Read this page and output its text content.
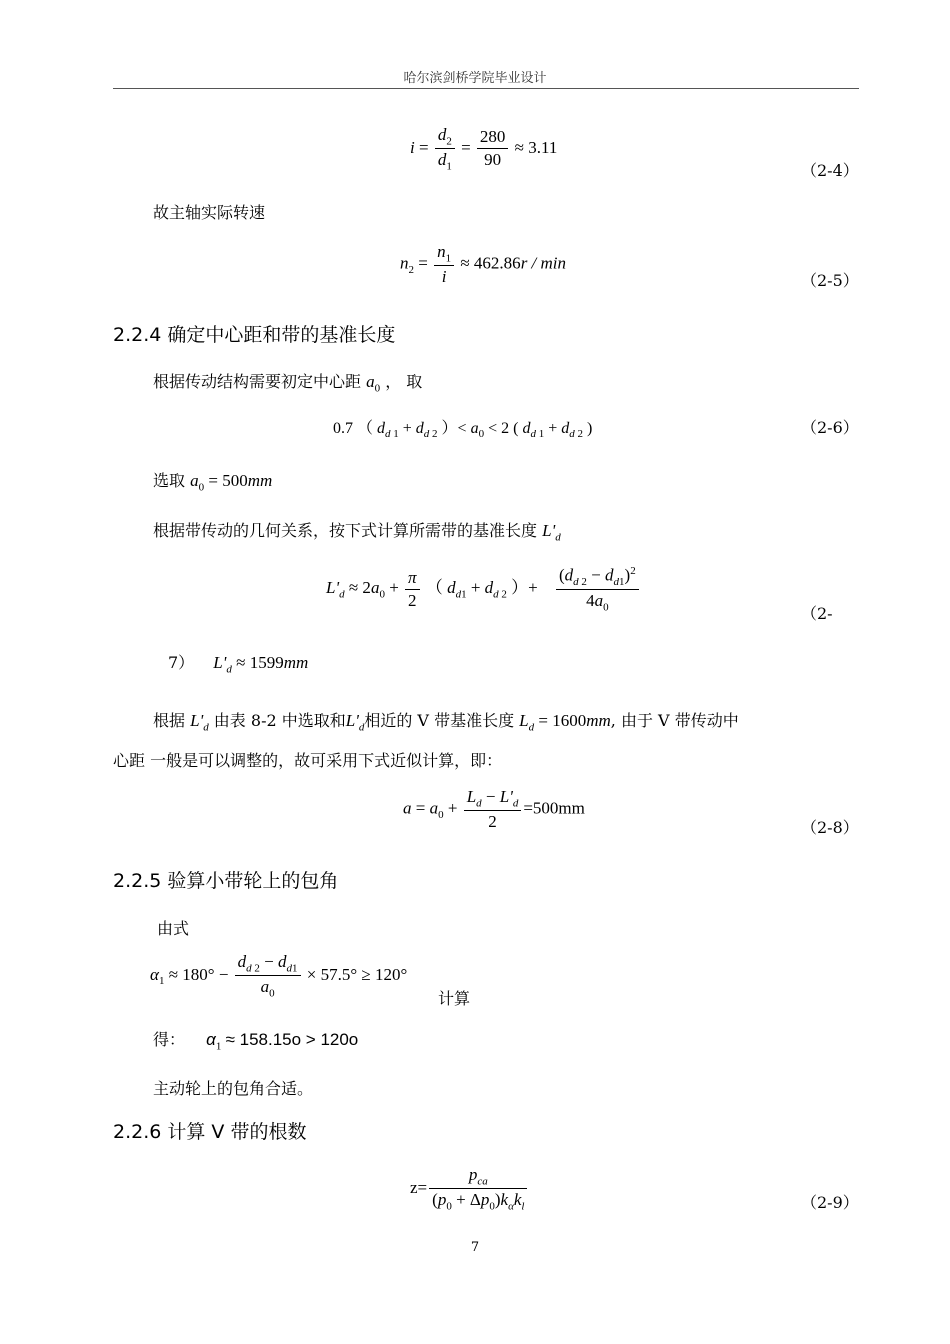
哈尔滨剑桥学院毕业设计
$i = \frac{d_2}{d_1} = \frac{280}{90} \approx 3.11$
（2-4）
故主轴实际转速
$n_2 = \frac{n_1}{i} \approx 462.86r / \min$
（2-5）
2.2.4 确定中心距和带的基准长度
根据传动结构需要初定中心距 $a_0$ ， 取
0.7 （ $d_{d 1} + d_{d 2}$ ）< $a_0 < 2$ ( $d_{d 1} + d_{d 2}$ )	（2-6）
选取 $a_0 = 500mm$
根据带传动的几何关系，按下式计算所需带的基准长度 $L'_d$
$L'_d \approx 2a_0 + \frac{\pi}{2}$ （ $d_{d1} + d_{d 2}$ ）+ $\frac{(d_{d 2} - d_{d1})^2}{4a_0}$
（2-
7） $L'_d \approx 1599mm$
根据 $L'_d$ 由表 8-2 中选取和$L'_d$相近的 V 带基准长度 $L_d = 1600mm$, 由于 V 带传动中
心距 一般是可以调整的，故可采用下式近似计算，即：
$a = a_0 + \frac{L_d - L'_d}{2} =500mm$
（2-8）
2.2.5 验算小带轮上的包角
由式
$\alpha_1 \approx 180^\circ - \frac{d_{d 2} - d_{d1}}{a_0} \times 57.5^\circ \ge 120^\circ$
计算
得： $\alpha_1 \approx 158.15o > 120o$
主动轮上的包角合适。
2.2.6 计算 V 带的根数
$z= \frac{p_{ca}}{(p_0 + \Delta p_0)k_\alpha k_l}$	（2-9）
7
